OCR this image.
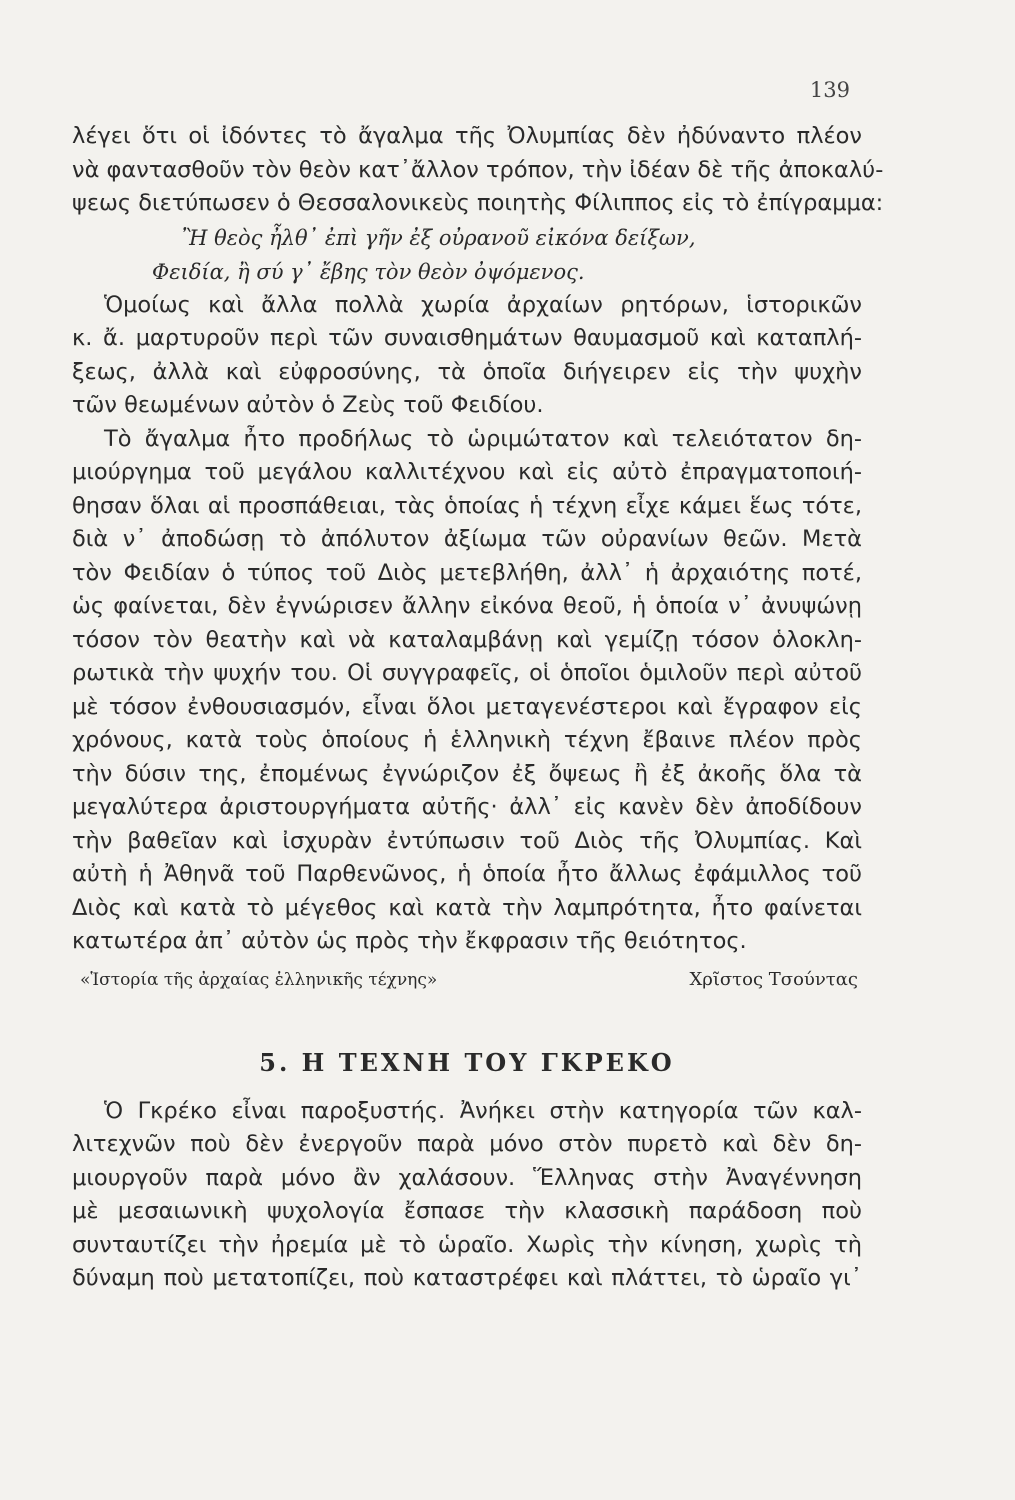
139
λέγει ὅτι οἱ ἰδόντες τὸ ἄγαλμα τῆς Ὀλυμπίας δὲν ἠδύναντο πλέον
νὰ φαντασθοῦν τὸν θεὸν κατ᾽ἄλλον τρόπον, τὴν ἰδέαν δὲ τῆς ἀποκαλύ-
ψεως διετύπωσεν ὁ Θεσσαλονικεὺς ποιητὴς Φίλιππος εἰς τὸ ἐπίγραμμα:
Ἢ θεὸς ἦλθ᾽ ἐπὶ γῆν ἐξ οὐρανοῦ εἰκόνα δείξων,
Φειδία, ἢ σύ γ᾽ ἔβης τὸν θεὸν ὀψόμενος.
Ὁμοίως καὶ ἄλλα πολλὰ χωρία ἀρχαίων ρητόρων, ἱστορικῶν
κ. ἄ. μαρτυροῦν περὶ τῶν συναισθημάτων θαυμασμοῦ καὶ καταπλή-
ξεως, ἀλλὰ καὶ εὐφροσύνης, τὰ ὁποῖα διήγειρεν εἰς τὴν ψυχὴν
τῶν θεωμένων αὐτὸν ὁ Ζεὺς τοῦ Φειδίου.
Τὸ ἄγαλμα ἦτο προδήλως τὸ ὡριμώτατον καὶ τελειότατον δη-
μιούργημα τοῦ μεγάλου καλλιτέχνου καὶ εἰς αὐτὸ ἐπραγματοποιή-
θησαν ὅλαι αἱ προσπάθειαι, τὰς ὁποίας ἡ τέχνη εἶχε κάμει ἕως τότε,
διὰ ν᾽ ἀποδώσῃ τὸ ἀπόλυτον ἀξίωμα τῶν οὐρανίων θεῶν. Μετὰ
τὸν Φειδίαν ὁ τύπος τοῦ Διὸς μετεβλήθη, ἀλλ᾽ ἡ ἀρχαιότης ποτέ,
ὡς φαίνεται, δὲν ἐγνώρισεν ἄλλην εἰκόνα θεοῦ, ἡ ὁποία ν᾽ ἀνυψώνῃ
τόσον τὸν θεατὴν καὶ νὰ καταλαμβάνῃ καὶ γεμίζῃ τόσον ὁλοκλη-
ρωτικὰ τὴν ψυχήν του. Οἱ συγγραφεῖς, οἱ ὁποῖοι ὁμιλοῦν περὶ αὐτοῦ
μὲ τόσον ἐνθουσιασμόν, εἶναι ὅλοι μεταγενέστεροι καὶ ἔγραφον εἰς
χρόνους, κατὰ τοὺς ὁποίους ἡ ἑλληνικὴ τέχνη ἔβαινε πλέον πρὸς
τὴν δύσιν της, ἐπομένως ἐγνώριζον ἐξ ὄψεως ἢ ἐξ ἀκοῆς ὅλα τὰ
μεγαλύτερα ἀριστουργήματα αὐτῆς· ἀλλ᾽ εἰς κανὲν δὲν ἀποδίδουν
τὴν βαθεῖαν καὶ ἰσχυρὰν ἐντύπωσιν τοῦ Διὸς τῆς Ὀλυμπίας. Καὶ
αὐτὴ ἡ Ἀθηνᾶ τοῦ Παρθενῶνος, ἡ ὁποία ἦτο ἄλλως ἐφάμιλλος τοῦ
Διὸς καὶ κατὰ τὸ μέγεθος καὶ κατὰ τὴν λαμπρότητα, ἦτο φαίνεται
κατωτέρα ἀπ᾽ αὐτὸν ὡς πρὸς τὴν ἔκφρασιν τῆς θειότητος.
«Ἱστορία τῆς ἀρχαίας ἑλληνικῆς τέχνης»	Χρῖστος Τσούντας
5. Η ΤΕΧΝΗ ΤΟΥ ΓΚΡΕΚΟ
Ὁ Γκρέκο εἶναι παροξυστής. Ἀνήκει στὴν κατηγορία τῶν καλ-
λιτεχνῶν ποὺ δὲν ἐνεργοῦν παρὰ μόνο στὸν πυρετὸ καὶ δὲν δη-
μιουργοῦν παρὰ μόνο ἂν χαλάσουν. Ἕλληνας στὴν Ἀναγέννηση
μὲ μεσαιωνικὴ ψυχολογία ἔσπασε τὴν κλασσικὴ παράδοση ποὺ
συνταυτίζει τὴν ἠρεμία μὲ τὸ ὡραῖο. Χωρὶς τὴν κίνηση, χωρὶς τὴ
δύναμη ποὺ μετατοπίζει, ποὺ καταστρέφει καὶ πλάττει, τὸ ὡραῖο γι᾽
